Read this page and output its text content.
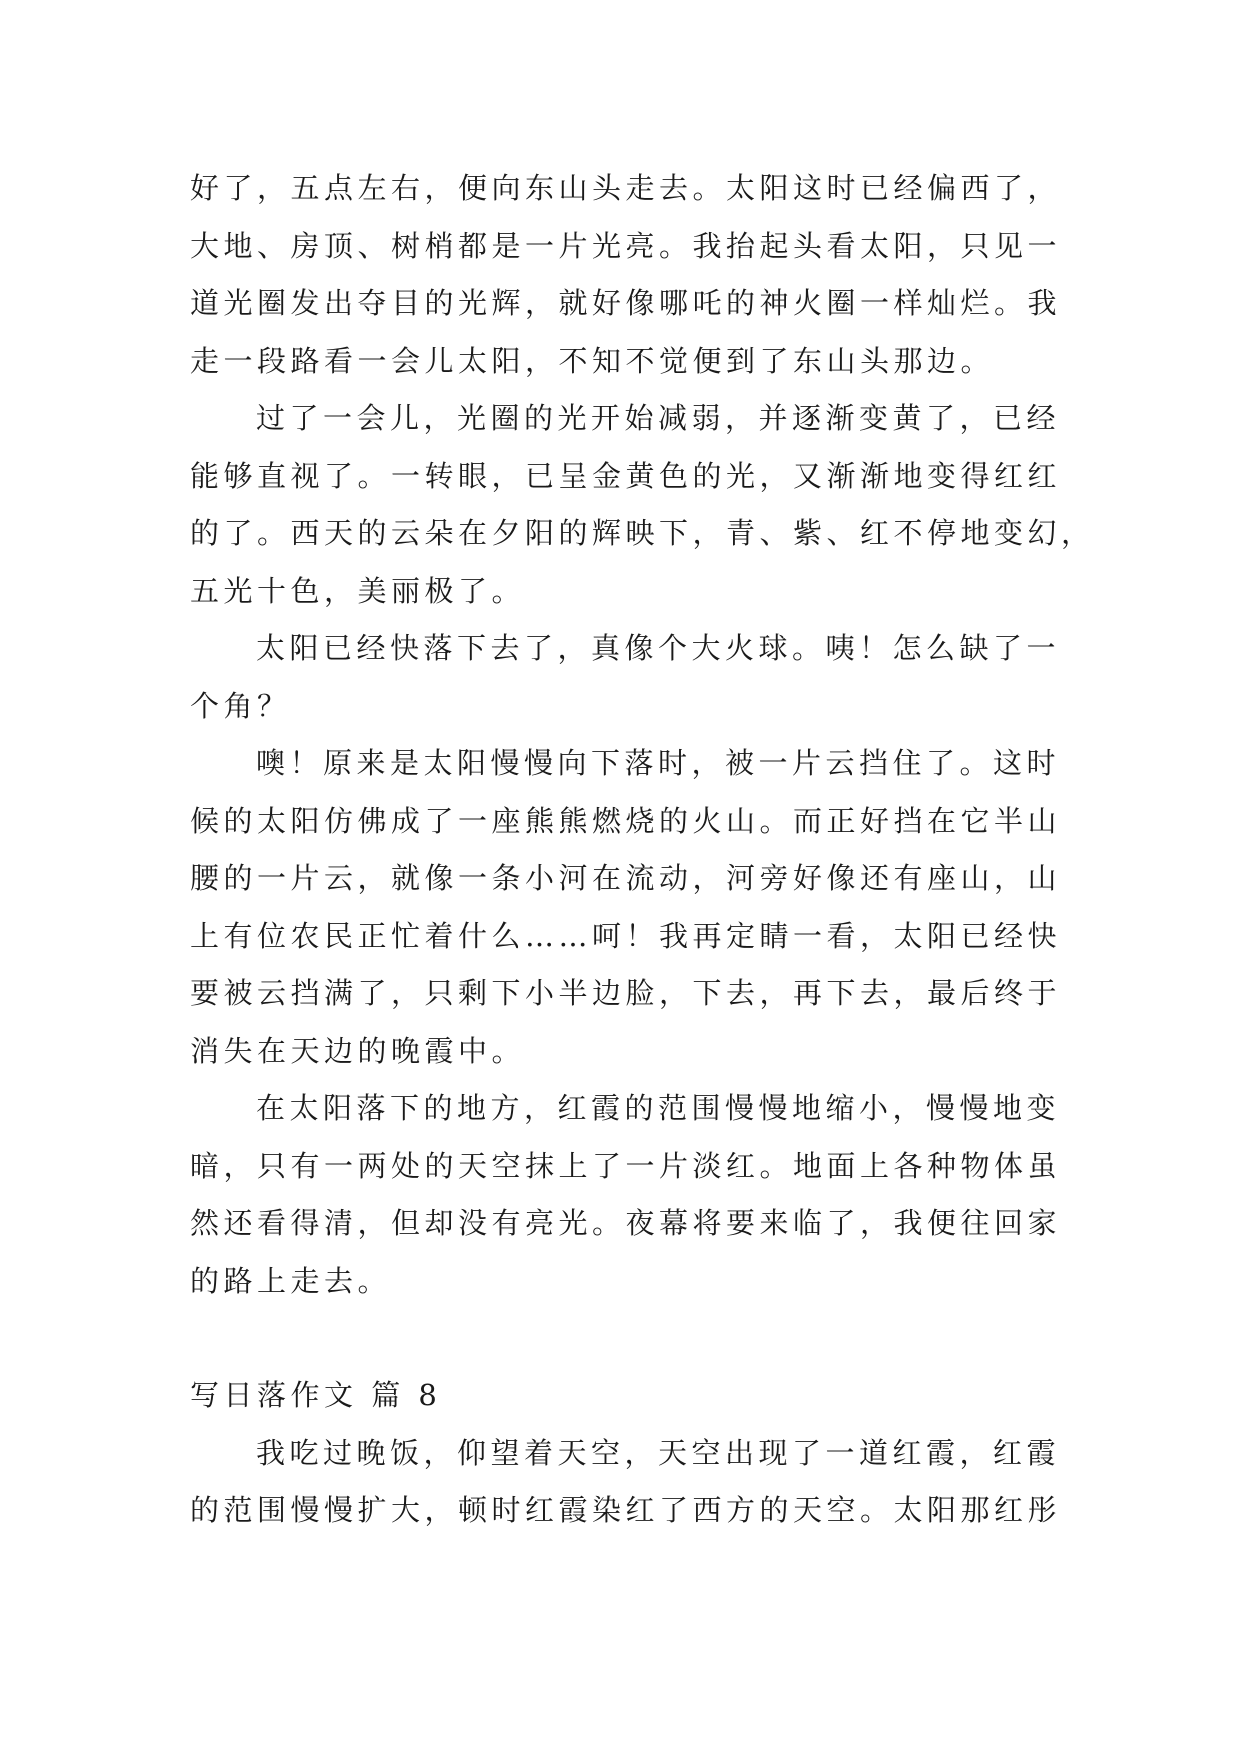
好了，五点左右，便向东山头走去。太阳这时已经偏西了，
大地、房顶、树梢都是一片光亮。我抬起头看太阳，只见一
道光圈发出夺目的光辉，就好像哪吒的神火圈一样灿烂。我
走一段路看一会儿太阳，不知不觉便到了东山头那边。
过了一会儿，光圈的光开始减弱，并逐渐变黄了，已经
能够直视了。一转眼，已呈金黄色的光，又渐渐地变得红红
的了。西天的云朵在夕阳的辉映下，青、紫、红不停地变幻，
五光十色，美丽极了。
太阳已经快落下去了，真像个大火球。咦！怎么缺了一
个角？
噢！原来是太阳慢慢向下落时，被一片云挡住了。这时
候的太阳仿佛成了一座熊熊燃烧的火山。而正好挡在它半山
腰的一片云，就像一条小河在流动，河旁好像还有座山，山
上有位农民正忙着什么……呵！我再定睛一看，太阳已经快
要被云挡满了，只剩下小半边脸，下去，再下去，最后终于
消失在天边的晚霞中。
在太阳落下的地方，红霞的范围慢慢地缩小，慢慢地变
暗，只有一两处的天空抹上了一片淡红。地面上各种物体虽
然还看得清，但却没有亮光。夜幕将要来临了，我便往回家
的路上走去。
写日落作文 篇 8
我吃过晚饭，仰望着天空，天空出现了一道红霞，红霞
的范围慢慢扩大，顿时红霞染红了西方的天空。太阳那红彤
